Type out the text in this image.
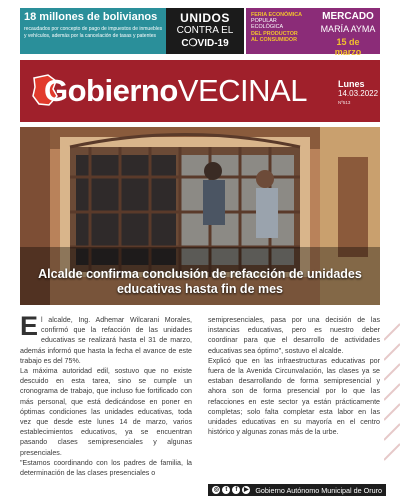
18 millones de bolivianos
recaudados por concepto de pago de impuestos de inmuebles y vehículos, además por la cancelación de tasas y patentes
UNIDOS
CONTRA EL
C❍VID-19
FERIA ECONÓMICA
POPULAR
ECOLÓGICA
DEL PRODUCTOR
AL CONSUMIDOR
MERCADO
MARÍA AYMA
15 de marzo
GobiernoVECINAL	Lunes
14.03.2022
Nº513
Alcalde confirma conclusión de refacción de unidades educativas hasta fin de mes

El alcalde, Ing. Adhemar Wilcarani Morales, confirmó que la refacción de las unidades educativas se realizará hasta el 31 de marzo, además informó que hasta la fecha el avance de este trabajo es del 75%.

La máxima autoridad edil, sostuvo que no existe descuido en esta tarea, sino se cumple un cronograma de trabajo, que incluso fue fortificado con más personal, que está dedicándose en poner en óptimas condiciones las unidades educativas, toda vez que desde este lunes 14 de marzo, varios establecimientos educativos, ya se encuentran pasando clases semipresenciales y algunas presenciales.

"Estamos coordinando con los padres de familia, la determinación de las clases presenciales o

semipresenciales, pasa por una decisión de las instancias educativas, pero es nuestro deber coordinar para que el desarrollo de actividades educativas sea óptimo", sostuvo el alcalde.

Explicó que en las infraestructuras educativas por fuera de la Avenida Circunvalación, las clases ya se estaban desarrollando de forma semipresencial y ahora son de forma presencial por lo que las refacciones en este sector ya están prácticamente completas; solo falta completar esta labor en las unidades educativas en su mayoría en el centro histórico y algunas zonas más de la urbe.

◎	t	f	▶ Gobierno Autónomo Municipal de Oruro
